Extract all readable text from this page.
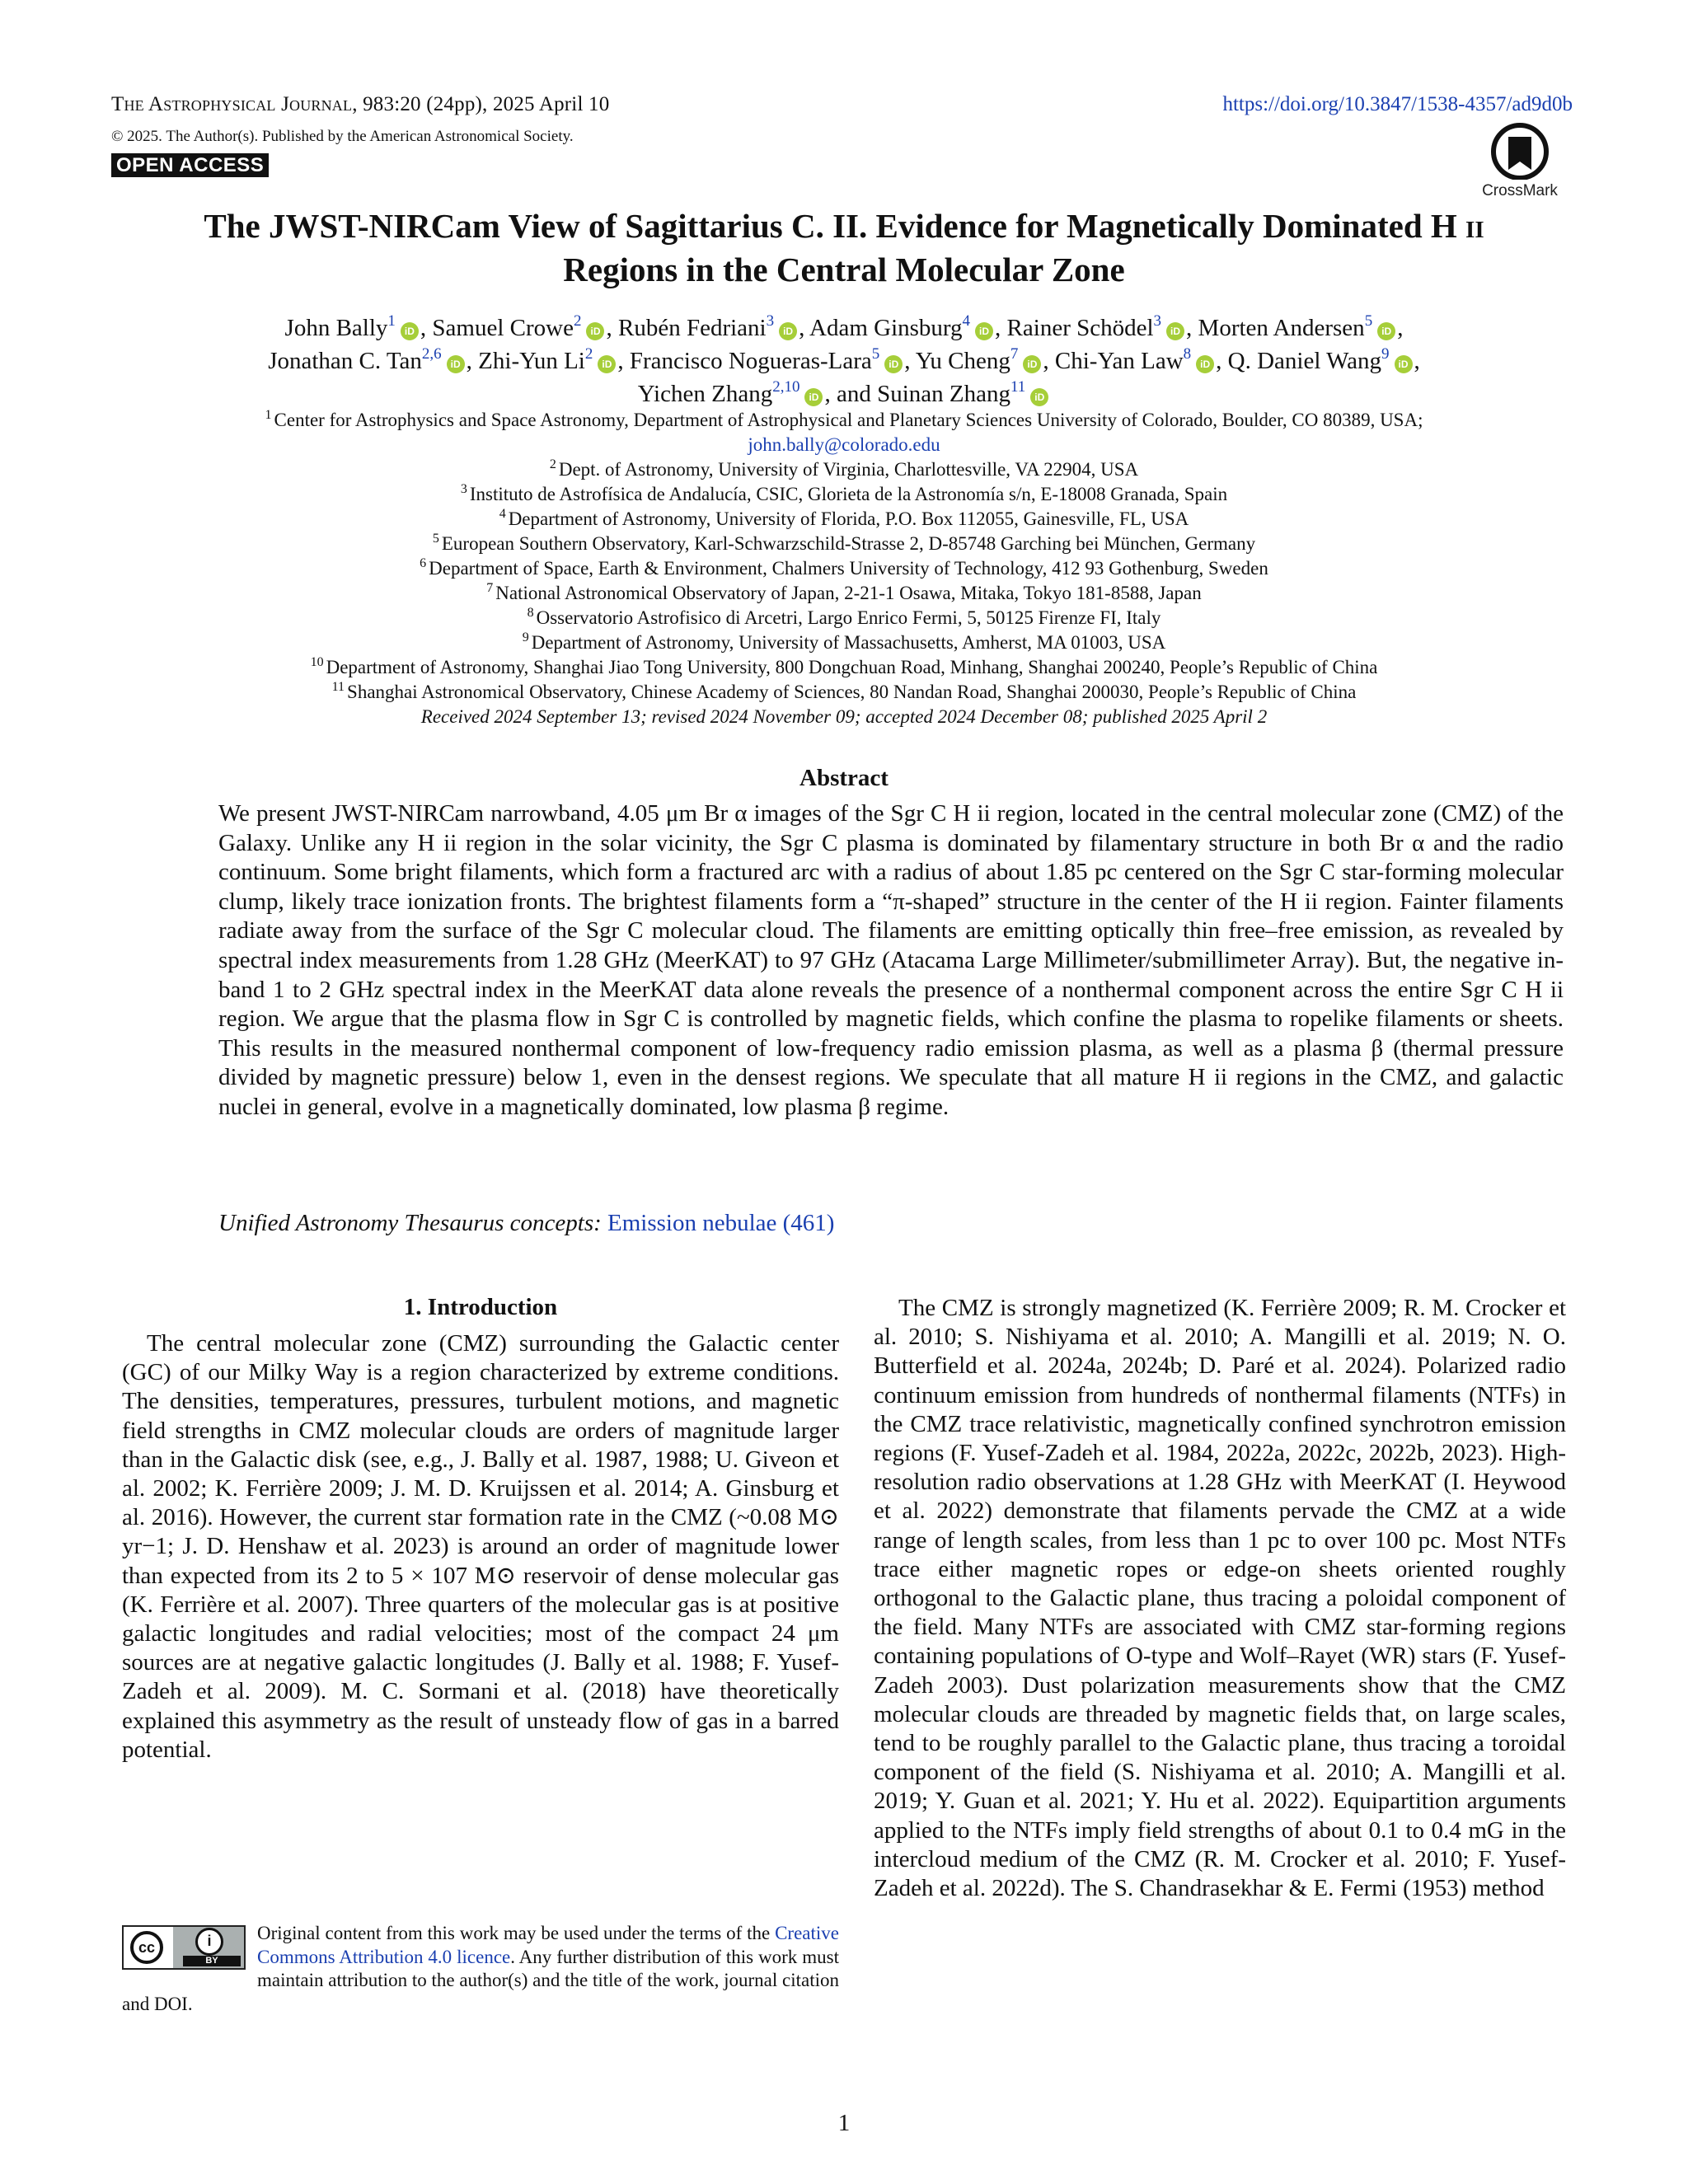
The Astrophysical Journal, 983:20 (24pp), 2025 April 10	https://doi.org/10.3847/1538-4357/ad9d0b
© 2025. The Author(s). Published by the American Astronomical Society.
OPEN ACCESS
CrossMark
The JWST-NIRCam View of Sagittarius C. II. Evidence for Magnetically Dominated H ii
Regions in the Central Molecular Zone
John Bally$^1$iD , Samuel Crowe$^2$iD , Rubén Fedriani$^3$iD , Adam Ginsburg$^4$iD , Rainer Schödel$^3$iD , Morten Andersen$^5$iD ,
Jonathan C. Tan$^{2,6}$iD , Zhi-Yun Li$^2$iD , Francisco Nogueras-Lara$^5$iD , Yu Cheng$^7$iD , Chi-Yan Law$^8$iD , Q. Daniel Wang$^9$iD ,
Yichen Zhang$^{2,10}$iD , and Suinan Zhang$^{11}$iD
$^1$ Center for Astrophysics and Space Astronomy, Department of Astrophysical and Planetary Sciences University of Colorado, Boulder, CO 80389, USA;
john.bally@colorado.edu
$^2$ Dept. of Astronomy, University of Virginia, Charlottesville, VA 22904, USA
$^3$ Instituto de Astrofísica de Andalucía, CSIC, Glorieta de la Astronomía s/n, E-18008 Granada, Spain
$^4$ Department of Astronomy, University of Florida, P.O. Box 112055, Gainesville, FL, USA
$^5$ European Southern Observatory, Karl-Schwarzschild-Strasse 2, D-85748 Garching bei München, Germany
$^6$ Department of Space, Earth & Environment, Chalmers University of Technology, 412 93 Gothenburg, Sweden
$^7$ National Astronomical Observatory of Japan, 2-21-1 Osawa, Mitaka, Tokyo 181-8588, Japan
$^8$ Osservatorio Astrofisico di Arcetri, Largo Enrico Fermi, 5, 50125 Firenze FI, Italy
$^9$ Department of Astronomy, University of Massachusetts, Amherst, MA 01003, USA
$^{10}$ Department of Astronomy, Shanghai Jiao Tong University, 800 Dongchuan Road, Minhang, Shanghai 200240, People’s Republic of China
$^{11}$ Shanghai Astronomical Observatory, Chinese Academy of Sciences, 80 Nandan Road, Shanghai 200030, People’s Republic of China
Received 2024 September 13; revised 2024 November 09; accepted 2024 December 08; published 2025 April 2
Abstract
We present JWST-NIRCam narrowband, 4.05 μm Br α images of the Sgr C H ii region, located in the central molecular zone (CMZ) of the Galaxy. Unlike any H ii region in the solar vicinity, the Sgr C plasma is dominated by filamentary structure in both Br α and the radio continuum. Some bright filaments, which form a fractured arc with a radius of about 1.85 pc centered on the Sgr C star-forming molecular clump, likely trace ionization fronts. The brightest filaments form a “π-shaped” structure in the center of the H ii region. Fainter filaments radiate away from the surface of the Sgr C molecular cloud. The filaments are emitting optically thin free–free emission, as revealed by spectral index measurements from 1.28 GHz (MeerKAT) to 97 GHz (Atacama Large Millimeter/submillimeter Array). But, the negative in-band 1 to 2 GHz spectral index in the MeerKAT data alone reveals the presence of a nonthermal component across the entire Sgr C H ii region. We argue that the plasma flow in Sgr C is controlled by magnetic fields, which confine the plasma to ropelike filaments or sheets. This results in the measured nonthermal component of low-frequency radio emission plasma, as well as a plasma β (thermal pressure divided by magnetic pressure) below 1, even in the densest regions. We speculate that all mature H ii regions in the CMZ, and galactic nuclei in general, evolve in a magnetically dominated, low plasma β regime.
Unified Astronomy Thesaurus concepts: Emission nebulae (461)
1. Introduction
The central molecular zone (CMZ) surrounding the Galactic center (GC) of our Milky Way is a region characterized by extreme conditions. The densities, temperatures, pressures, turbulent motions, and magnetic field strengths in CMZ molecular clouds are orders of magnitude larger than in the Galactic disk (see, e.g., J. Bally et al. 1987, 1988; U. Giveon et al. 2002; K. Ferrière 2009; J. M. D. Kruijssen et al. 2014; A. Ginsburg et al. 2016). However, the current star formation rate in the CMZ (~0.08 M⊙ yr−1; J. D. Henshaw et al. 2023) is around an order of magnitude lower than expected from its 2 to 5 × 107 M⊙ reservoir of dense molecular gas (K. Ferrière et al. 2007). Three quarters of the molecular gas is at positive galactic longitudes and radial velocities; most of the compact 24 μm sources are at negative galactic longitudes (J. Bally et al. 1988; F. Yusef-Zadeh et al. 2009). M. C. Sormani et al. (2018) have theoretically explained this asymmetry as the result of unsteady flow of gas in a barred potential.
The CMZ is strongly magnetized (K. Ferrière 2009; R. M. Crocker et al. 2010; S. Nishiyama et al. 2010; A. Mangilli et al. 2019; N. O. Butterfield et al. 2024a, 2024b; D. Paré et al. 2024). Polarized radio continuum emission from hundreds of nonthermal filaments (NTFs) in the CMZ trace relativistic, magnetically confined synchrotron emission regions (F. Yusef-Zadeh et al. 1984, 2022a, 2022c, 2022b, 2023). High-resolution radio observations at 1.28 GHz with MeerKAT (I. Heywood et al. 2022) demonstrate that filaments pervade the CMZ at a wide range of length scales, from less than 1 pc to over 100 pc. Most NTFs trace either magnetic ropes or edge-on sheets oriented roughly orthogonal to the Galactic plane, thus tracing a poloidal component of the field. Many NTFs are associated with CMZ star-forming regions containing populations of O-type and Wolf–Rayet (WR) stars (F. Yusef-Zadeh 2003). Dust polarization measurements show that the CMZ molecular clouds are threaded by magnetic fields that, on large scales, tend to be roughly parallel to the Galactic plane, thus tracing a toroidal component of the field (S. Nishiyama et al. 2010; A. Mangilli et al. 2019; Y. Guan et al. 2021; Y. Hu et al. 2022). Equipartition arguments applied to the NTFs imply field strengths of about 0.1 to 0.4 mG in the intercloud medium of the CMZ (R. M. Crocker et al. 2010; F. Yusef-Zadeh et al. 2022d). The S. Chandrasekhar & E. Fermi (1953) method
cc	i
BY
Original content from this work may be used under the terms of the Creative Commons Attribution 4.0 licence. Any further distribution of this work must maintain attribution to the author(s) and the title of the work, journal citation and DOI.
1
